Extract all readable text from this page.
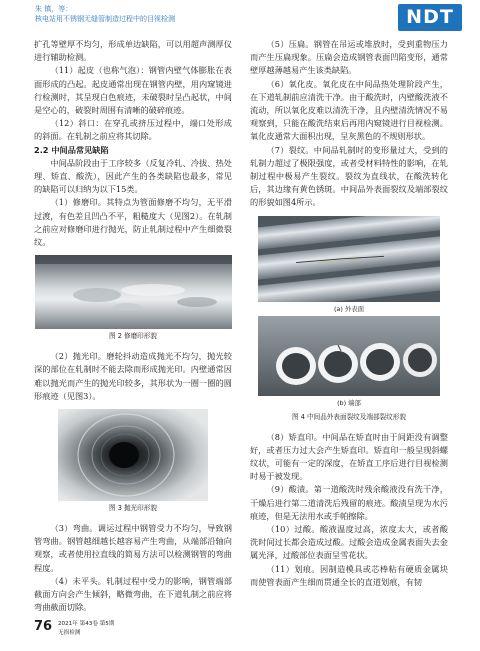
朱 镇，等：
核电站用不锈钢无缝管制造过程中的目视检测	NDT

扩孔等壁厚不均匀，形成单边缺陷，可以用超声测厚仪进行辅助检测。

（11）起皮（也称气泡）：钢管内壁气体膨胀在表面形成的凸起。起皮通常出现在钢管内壁，用内窥镜进行检测时，其呈现白色痕迹，未破裂时呈凸起状，中间是空心的，破裂时周围有清晰的破碎痕迹。

（12）斜口：在穿孔或挤压过程中，端口处形成的斜面。在轧制之前应将其切除。

2.2 中间品常见缺陷

中间品阶段由于工序较多（反复冷轧、冷拔、热处理、矫直、酸洗），因此产生的各类缺陷也最多，常见的缺陷可以归纳为以下15类。

（1）修磨印。其特点为管面修磨不均匀，无平滑过渡，有色差且凹凸不平，粗糙度大（见图2）。在轧制之前应对修磨印进行抛光，防止轧制过程中产生细微裂纹。

图 2 修磨印形貌

（2）抛光印。磨轮抖动造成抛光不均匀，抛光较深的部位在轧制时不能去除而形成抛光印。内壁通常因难以抛光而产生的抛光印较多，其形状为一圈一圈的圆形痕迹（见图3）。

图 3 抛光印形貌

（3）弯曲。调运过程中钢管受力不均匀，导致钢管弯曲。钢管越细越长越容易产生弯曲，从端部沿轴向观察，或者使用拉直线的简易方法可以检测钢管的弯曲程度。

（4）未平头。轧制过程中受力的影响，钢管端部截面方向会产生倾斜，略微弯曲，在下道轧制之前应将弯曲截面切除。

（5）压扁。钢管在吊运或堆放时，受到重物压力而产生压扁现象。压扁会造成钢管表面凹陷变形，通常壁厚越薄越易产生该类缺陷。

（6）氧化皮。氧化皮在中间品热处理阶段产生，在下道轧制前应清洗干净。由于酸洗时，内壁酸洗液不流动，所以氧化皮难以清洗干净，且内壁清洗情况不易观察到，只能在酸洗结束后再用内窥镜进行目视检测。氧化皮通常大面积出现，呈灰黑色的不规则形状。

（7）裂纹。中间品轧制时的变形量过大，受到的轧制力超过了极限强度，或者受材料特性的影响，在轧制过程中极易产生裂纹。裂纹为直线状，在酸洗转化后，其边缘有黄色锈斑。中间品外表面裂纹及端部裂纹的形貌如图4所示。

(a) 外表面
(b) 端部
图 4 中间品外表面裂纹及端部裂纹形貌

（8）矫直印。中间品在矫直时由于间距没有调整好，或者压力过大会产生矫直印。矫直印一般呈现斜螺纹状，可能有一定的深度，在矫直工序后进行目视检测时易于被发现。

（9）酸渍。第一道酸洗时残余酸液没有洗干净，干燥后进行第二道清洗后残留的痕迹。酸渍呈现为水污痕迹，但是无法用水或手帕擦除。

（10）过酸。酸液温度过高，浓度太大，或者酸洗时间过长都会造成过酸。过酸会造成金属表面失去金属光泽，过酸部位表面呈雪花状。

（11）划痕。因制造模具或芯棒粘有硬质金属块而使管表面产生细而贯通全长的直道划痕，有韧

76 2021年 第43卷 第5期
无损检测
